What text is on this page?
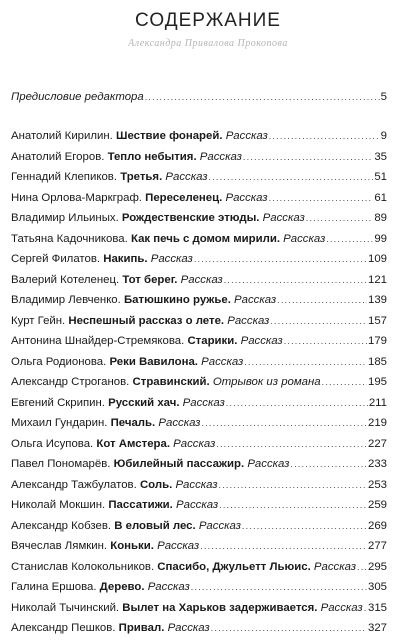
СОДЕРЖАНИЕ
Александра Привалова Прокопова
Предисловие редактора .....	5
Анатолий Кирилин. Шествие фонарей. Рассказ .....	9
Анатолий Егоров. Тепло небытия. Рассказ .....	35
Геннадий Клепиков. Третья. Рассказ .....	51
Нина Орлова-Маркграф. Переселенец. Рассказ .....	61
Владимир Ильиных. Рождественские этюды. Рассказ .....	89
Татьяна Кадочникова. Как печь с домом мирили. Рассказ .....	99
Сергей Филатов. Накипь. Рассказ .....	109
Валерий Котеленец. Тот берег. Рассказ .....	121
Владимир Левченко. Батюшкино ружье. Рассказ .....	139
Курт Гейн. Неспешный рассказ о лете. Рассказ .....	157
Антонина Шнайдер-Стремякова. Старики. Рассказ .....	179
Ольга Родионова. Реки Вавилона. Рассказ .....	185
Александр Строганов. Стравинский. Отрывок из романа .....	195
Евгений Скрипин. Русский хач. Рассказ .....	211
Михаил Гундарин. Печаль. Рассказ .....	219
Ольга Исупова. Кот Амстера. Рассказ .....	227
Павел Пономарёв. Юбилейный пассажир. Рассказ .....	233
Александр Тажбулатов. Соль. Рассказ .....	253
Николай Мокшин. Пассатижи. Рассказ .....	259
Александр Кобзев. В еловый лес. Рассказ .....	269
Вячеслав Лямкин. Коньки. Рассказ .....	277
Станислав Колокольников. Спасибо, Джульетт Льюис. Рассказ ..... 295
Галина Ершова. Дерево. Рассказ .....	305
Николай Тычинский. Вылет на Харьков задерживается. Рассказ ..... 315
Александр Пешков. Привал. Рассказ .....	327
